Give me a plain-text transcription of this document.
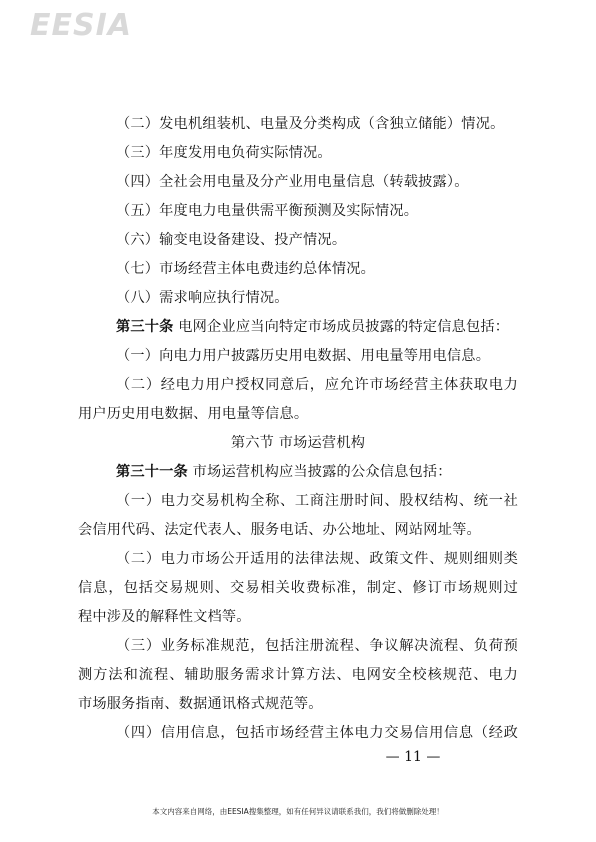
EESIA
（二）发电机组装机、电量及分类构成（含独立储能）情况。
（三）年度发用电负荷实际情况。
（四）全社会用电量及分产业用电量信息（转载披露）。
（五）年度电力电量供需平衡预测及实际情况。
（六）输变电设备建设、投产情况。
（七）市场经营主体电费违约总体情况。
（八）需求响应执行情况。
第三十条 电网企业应当向特定市场成员披露的特定信息包括：
（一）向电力用户披露历史用电数据、用电量等用电信息。
（二）经电力用户授权同意后，应允许市场经营主体获取电力
用户历史用电数据、用电量等信息。
第六节 市场运营机构
第三十一条 市场运营机构应当披露的公众信息包括：
（一）电力交易机构全称、工商注册时间、股权结构、统一社
会信用代码、法定代表人、服务电话、办公地址、网站网址等。
（二）电力市场公开适用的法律法规、政策文件、规则细则类
信息，包括交易规则、交易相关收费标准，制定、修订市场规则过
程中涉及的解释性文档等。
（三）业务标准规范，包括注册流程、争议解决流程、负荷预
测方法和流程、辅助服务需求计算方法、电网安全校核规范、电力
市场服务指南、数据通讯格式规范等。
（四）信用信息，包括市场经营主体电力交易信用信息（经政
— 11 —
本文内容来自网络，由EESIA搜集整理，如有任何异议请联系我们，我们将做删除处理！
